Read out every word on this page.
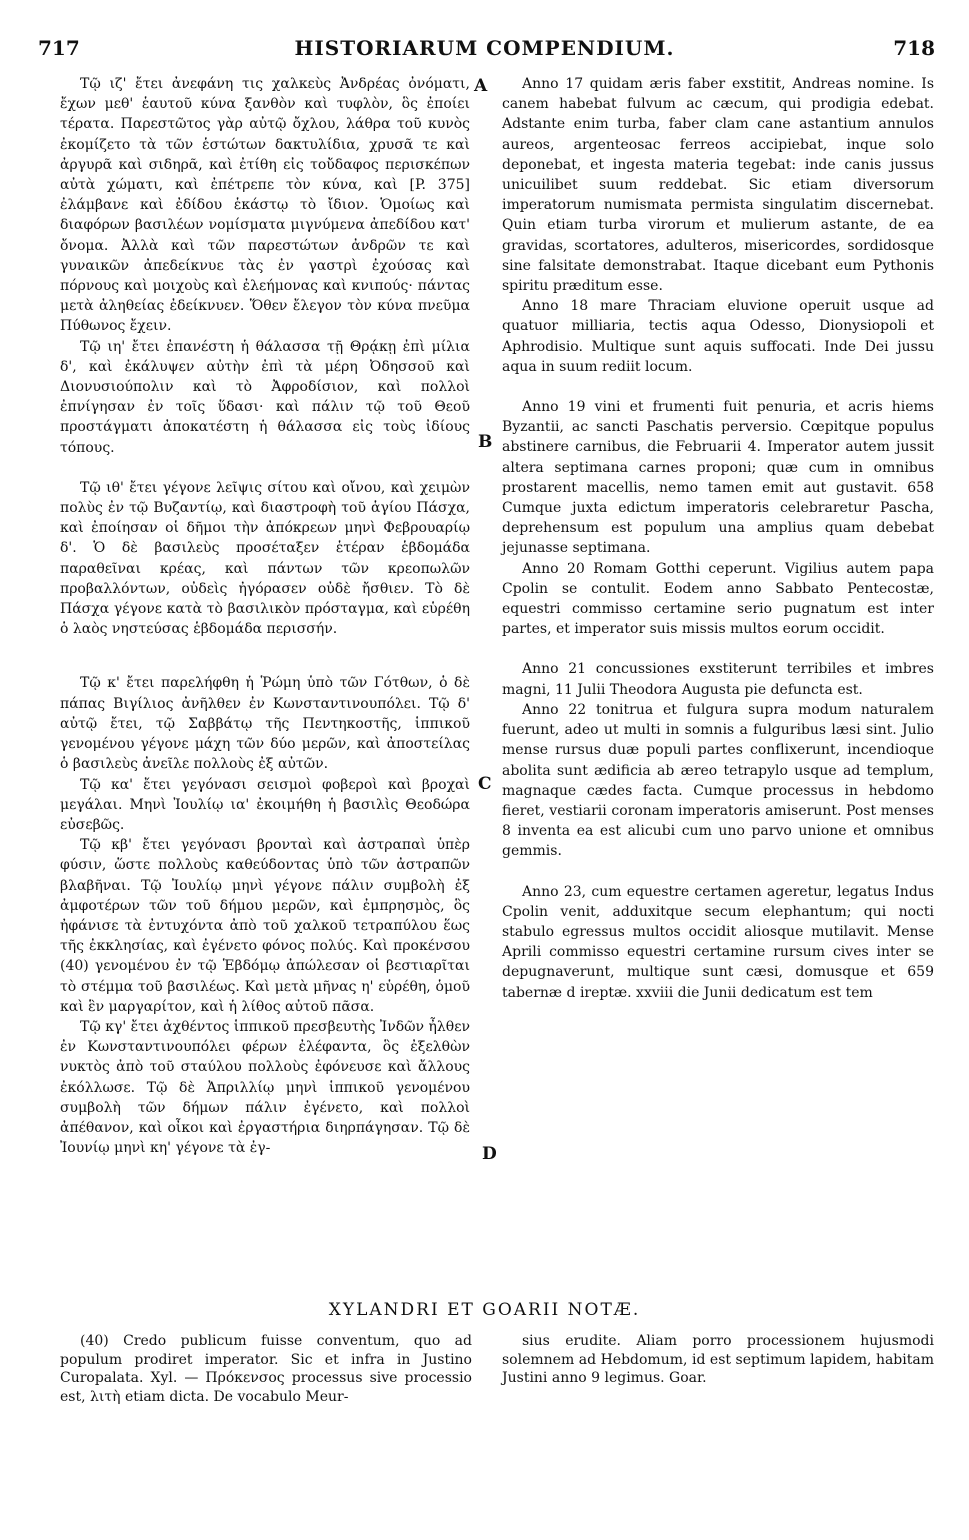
717	HISTORIARUM COMPENDIUM.	718
A
B
C
D

Τῷ ιζ' ἔτει ἀνεφάνη τις χαλκεὺς Ἀνδρέας ὀνόματι, ἔχων μεθ' ἑαυτοῦ κύνα ξανθὸν καὶ τυφλὸν, ὃς ἐποίει τέρατα. Παρεστῶτος γὰρ αὐτῷ ὄχλου, λάθρα τοῦ κυνὸς ἐκομίζετο τὰ τῶν ἑστώτων δακτυλίδια, χρυσᾶ τε καὶ ἀργυρᾶ καὶ σιδηρᾶ, καὶ ἐτίθη εἰς τοὔδαφος περισκέπων αὐτὰ χώματι, καὶ ἐπέτρεπε τὸν κύνα, καὶ [P. 375] ἐλάμβανε καὶ ἐδίδου ἑκάστῳ τὸ ἴδιον. Ὁμοίως καὶ διαφόρων βασιλέων νομίσματα μιγνύμενα ἀπεδίδου κατ' ὄνομα. Ἀλλὰ καὶ τῶν παρεστώτων ἀνδρῶν τε καὶ γυναικῶν ἀπεδείκνυε τὰς ἐν γαστρὶ ἐχούσας καὶ πόρνους καὶ μοιχοὺς καὶ ἐλεήμονας καὶ κνιπούς· πάντας μετὰ ἀληθείας ἐδείκνυεν. Ὅθεν ἔλεγον τὸν κύνα πνεῦμα Πύθωνος ἔχειν.

Τῷ ιη' ἔτει ἐπανέστη ἡ θάλασσα τῇ Θρᾴκῃ ἐπὶ μίλια δ', καὶ ἐκάλυψεν αὐτὴν ἐπὶ τὰ μέρη Ὀδησσοῦ καὶ Διονυσιούπολιν καὶ τὸ Ἀφροδίσιον, καὶ πολλοὶ ἐπνίγησαν ἐν τοῖς ὕδασι· καὶ πάλιν τῷ τοῦ Θεοῦ προστάγματι ἀποκατέστη ἡ θάλασσα εἰς τοὺς ἰδίους τόπους.

Τῷ ιθ' ἔτει γέγονε λεῖψις σίτου καὶ οἴνου, καὶ χειμὼν πολὺς ἐν τῷ Βυζαντίῳ, καὶ διαστροφὴ τοῦ ἁγίου Πάσχα, καὶ ἐποίησαν οἱ δῆμοι τὴν ἀπόκρεων μηνὶ Φεβρουαρίῳ δ'. Ὁ δὲ βασιλεὺς προσέταξεν ἑτέραν ἑβδομάδα παραθεῖναι κρέας, καὶ πάντων τῶν κρεοπωλῶν προβαλλόντων, οὐδεὶς ἠγόρασεν οὐδὲ ἤσθιεν. Τὸ δὲ Πάσχα γέγονε κατὰ τὸ βασιλικὸν πρόσταγμα, καὶ εὑρέθη ὁ λαὸς νηστεύσας ἑβδομάδα περισσήν.

Τῷ κ' ἔτει παρελήφθη ἡ Ῥώμη ὑπὸ τῶν Γότθων, ὁ δὲ πάπας Βιγίλιος ἀνῆλθεν ἐν Κωνσταντινουπόλει. Τῷ δ' αὐτῷ ἔτει, τῷ Σαββάτῳ τῆς Πεντηκοστῆς, ἱππικοῦ γενομένου γέγονε μάχη τῶν δύο μερῶν, καὶ ἀποστείλας ὁ βασιλεὺς ἀνεῖλε πολλοὺς ἐξ αὐτῶν.

Τῷ κα' ἔτει γεγόνασι σεισμοὶ φοβεροὶ καὶ βροχαὶ μεγάλαι. Μηνὶ Ἰουλίῳ ια' ἐκοιμήθη ἡ βασιλὶς Θεοδώρα εὐσεβῶς.

Τῷ κβ' ἔτει γεγόνασι βρονταὶ καὶ ἀστραπαὶ ὑπὲρ φύσιν, ὥστε πολλοὺς καθεύδοντας ὑπὸ τῶν ἀστραπῶν βλαβῆναι. Τῷ Ἰουλίῳ μηνὶ γέγονε πάλιν συμβολὴ ἐξ ἀμφοτέρων τῶν τοῦ δήμου μερῶν, καὶ ἐμπρησμὸς, ὃς ἠφάνισε τὰ ἐντυχόντα ἀπὸ τοῦ χαλκοῦ τετραπύλου ἕως τῆς ἐκκλησίας, καὶ ἐγένετο φόνος πολύς. Καὶ προκένσου (40) γενομένου ἐν τῷ Ἑβδόμῳ ἀπώλεσαν οἱ βεστιαρῖται τὸ στέμμα τοῦ βασιλέως. Καὶ μετὰ μῆνας η' εὑρέθη, ὁμοῦ καὶ ἓν μαργαρίτον, καὶ ἡ λίθος αὐτοῦ πᾶσα.

Τῷ κγ' ἔτει ἀχθέντος ἱππικοῦ πρεσβευτὴς Ἰνδῶν ἦλθεν ἐν Κωνσταντινουπόλει φέρων ἐλέφαντα, ὃς ἐξελθὼν νυκτὸς ἀπὸ τοῦ σταύλου πολλοὺς ἐφόνευσε καὶ ἄλλους ἐκόλλωσε. Τῷ δὲ Ἀπριλλίῳ μηνὶ ἱππικοῦ γενομένου συμβολὴ τῶν δήμων πάλιν ἐγένετο, καὶ πολλοὶ ἀπέθανον, καὶ οἶκοι καὶ ἐργαστήρια διηρπάγησαν. Τῷ δὲ Ἰουνίῳ μηνὶ κη' γέγονε τὰ ἐγ-

Anno 17 quidam æris faber exstitit, Andreas nomine. Is canem habebat fulvum ac cæcum, qui prodigia edebat. Adstante enim turba, faber clam cane astantium annulos aureos, argenteosac ferreos accipiebat, inque solo deponebat, et ingesta materia tegebat: inde canis jussus unicuilibet suum reddebat. Sic etiam diversorum imperatorum numismata permista singulatim discernebat. Quin etiam turba virorum et mulierum astante, de ea gravidas, scortatores, adulteros, misericordes, sordidosque sine falsitate demonstrabat. Itaque dicebant eum Pythonis spiritu præditum esse.

Anno 18 mare Thraciam eluvione operuit usque ad quatuor milliaria, tectis aqua Odesso, Dionysiopoli et Aphrodisio. Multique sunt aquis suffocati. Inde Dei jussu aqua in suum rediit locum.

Anno 19 vini et frumenti fuit penuria, et acris hiems Byzantii, ac sancti Paschatis perversio. Cœpitque populus abstinere carnibus, die Februarii 4. Imperator autem jussit altera septimana carnes proponi; quæ cum in omnibus prostarent macellis, nemo tamen emit aut gustavit. 658 Cumque juxta edictum imperatoris celebraretur Pascha, deprehensum est populum una amplius quam debebat jejunasse septimana.

Anno 20 Romam Gotthi ceperunt. Vigilius autem papa Cpolin se contulit. Eodem anno Sabbato Pentecostæ, equestri commisso certamine serio pugnatum est inter partes, et imperator suis missis multos eorum occidit.

Anno 21 concussiones exstiterunt terribiles et imbres magni, 11 Julii Theodora Augusta pie defuncta est.

Anno 22 tonitrua et fulgura supra modum naturalem fuerunt, adeo ut multi in somnis a fulguribus læsi sint. Julio mense rursus duæ populi partes conflixerunt, incendioque abolita sunt ædificia ab æreo tetrapylo usque ad templum, magnaque cædes facta. Cumque processus in hebdomo fieret, vestiarii coronam imperatoris amiserunt. Post menses 8 inventa ea est alicubi cum uno parvo unione et omnibus gemmis.

Anno 23, cum equestre certamen ageretur, legatus Indus Cpolin venit, adduxitque secum elephantum; qui nocti stabulo egressus multos occidit aliosque mutilavit. Mense Aprili commisso equestri certamine rursum cives inter se depugnaverunt, multique sunt cæsi, domusque et 659 tabernæ d ireptæ. xxviii die Junii dedicatum est tem

XYLANDRI ET GOARII NOTÆ.

(40) Credo publicum fuisse conventum, quo ad populum prodiret imperator. Sic et infra in Justino Curopalata. Xyl. — Πρόκενσος processus sive processio est, λιτὴ etiam dicta. De vocabulo Meur-

sius erudite. Aliam porro processionem hujusmodi solemnem ad Hebdomum, id est septimum lapidem, habitam Justini anno 9 legimus. Goar.
